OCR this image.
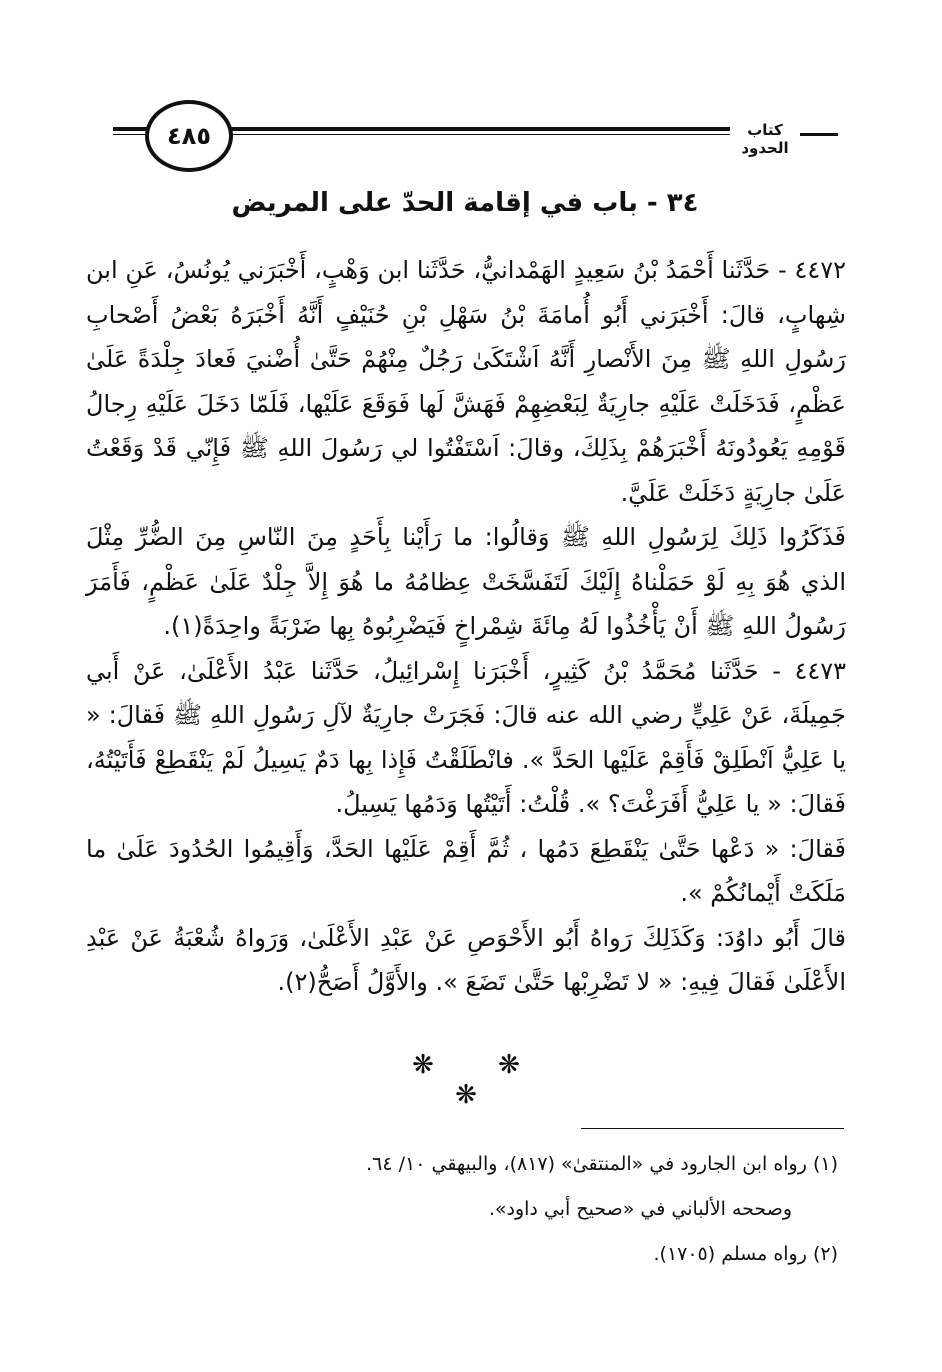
كتاب الحدود
٤٨٥
٣٤ - باب في إقامة الحدّ على المريض

٤٤٧٢ - حَدَّثَنا أَحْمَدُ بْنُ سَعِيدٍ الهَمْدانيُّ، حَدَّثَنا ابن وَهْبٍ، أَخْبَرَني يُونُسُ، عَنِ ابن شِهابٍ، قالَ: أَخْبَرَني أَبُو أُمامَةَ بْنُ سَهْلِ بْنِ حُنَيْفٍ أَنَّهُ أَخْبَرَهُ بَعْضُ أَصْحابِ رَسُولِ اللهِ ﷺ مِنَ الأَنْصارِ أَنَّهُ اَشْتَكَىٰ رَجُلٌ مِنْهُمْ حَتَّىٰ أُضْنيَ فَعادَ جِلْدَةً عَلَىٰ عَظْمٍ، فَدَخَلَتْ عَلَيْهِ جارِيَةٌ لِبَعْضِهِمْ فَهَشَّ لَها فَوَقَعَ عَلَيْها، فَلَمّا دَخَلَ عَلَيْهِ رِجالُ قَوْمِهِ يَعُودُونَهُ أَخْبَرَهُمْ بِذَلِكَ، وقالَ: اَسْتَفْتُوا لي رَسُولَ اللهِ ﷺ فَإِنّي قَدْ وَقَعْتُ عَلَىٰ جارِيَةٍ دَخَلَتْ عَلَيَّ.

فَذَكَرُوا ذَلِكَ لِرَسُولِ اللهِ ﷺ وَقالُوا: ما رَأَيْنا بِأَحَدٍ مِنَ النّاسِ مِنَ الضُّرِّ مِثْلَ الذي هُوَ بِهِ لَوْ حَمَلْناهُ إِلَيْكَ لَتَفَسَّخَتْ عِظامُهُ ما هُوَ إِلاَّ جِلْدٌ عَلَىٰ عَظْمٍ، فَأَمَرَ رَسُولُ اللهِ ﷺ أَنْ يَأْخُذُوا لَهُ مِائَةَ شِمْراخٍ فَيَضْرِبُوهُ بِها ضَرْبَةً واحِدَةً(١).

٤٤٧٣ - حَدَّثَنا مُحَمَّدُ بْنُ كَثِيرٍ، أَخْبَرَنا إِسْرائِيلُ، حَدَّثَنا عَبْدُ الأَعْلَىٰ، عَنْ أَبي جَمِيلَةَ، عَنْ عَلِيٍّ رضي الله عنه قالَ: فَجَرَتْ جارِيَةٌ لآلِ رَسُولِ اللهِ ﷺ فَقالَ: « يا عَلِيُّ اَنْطَلِقْ فَأَقِمْ عَلَيْها الحَدَّ ». فانْطَلَقْتُ فَإِذا بِها دَمٌ يَسِيلُ لَمْ يَنْقَطِعْ فَأَتَيْتُهُ، فَقالَ: « يا عَلِيُّ أَفَرَغْتَ؟ ». قُلْتُ: أَتَيْتُها وَدَمُها يَسِيلُ.

فَقالَ: « دَعْها حَتَّىٰ يَنْقَطِعَ دَمُها ، ثُمَّ أَقِمْ عَلَيْها الحَدَّ، وَأَقِيمُوا الحُدُودَ عَلَىٰ ما مَلَكَتْ أَيْمانُكُمْ ».

قالَ أَبُو داوُدَ: وَكَذَلِكَ رَواهُ أَبُو الأَحْوَصِ عَنْ عَبْدِ الأَعْلَىٰ، وَرَواهُ شُعْبَةُ عَنْ عَبْدِ الأَعْلَىٰ فَقالَ فِيهِ: « لا تَضْرِبْها حَتَّىٰ تَضَعَ ». والأَوَّلُ أَصَحُّ(٢).

❋ ❋ ❋

(١) رواه ابن الجارود في «المنتقىٰ» (٨١٧)، والبيهقي ١٠/ ٦٤.

وصححه الألباني في «صحيح أبي داود».

(٢) رواه مسلم (١٧٠٥).
